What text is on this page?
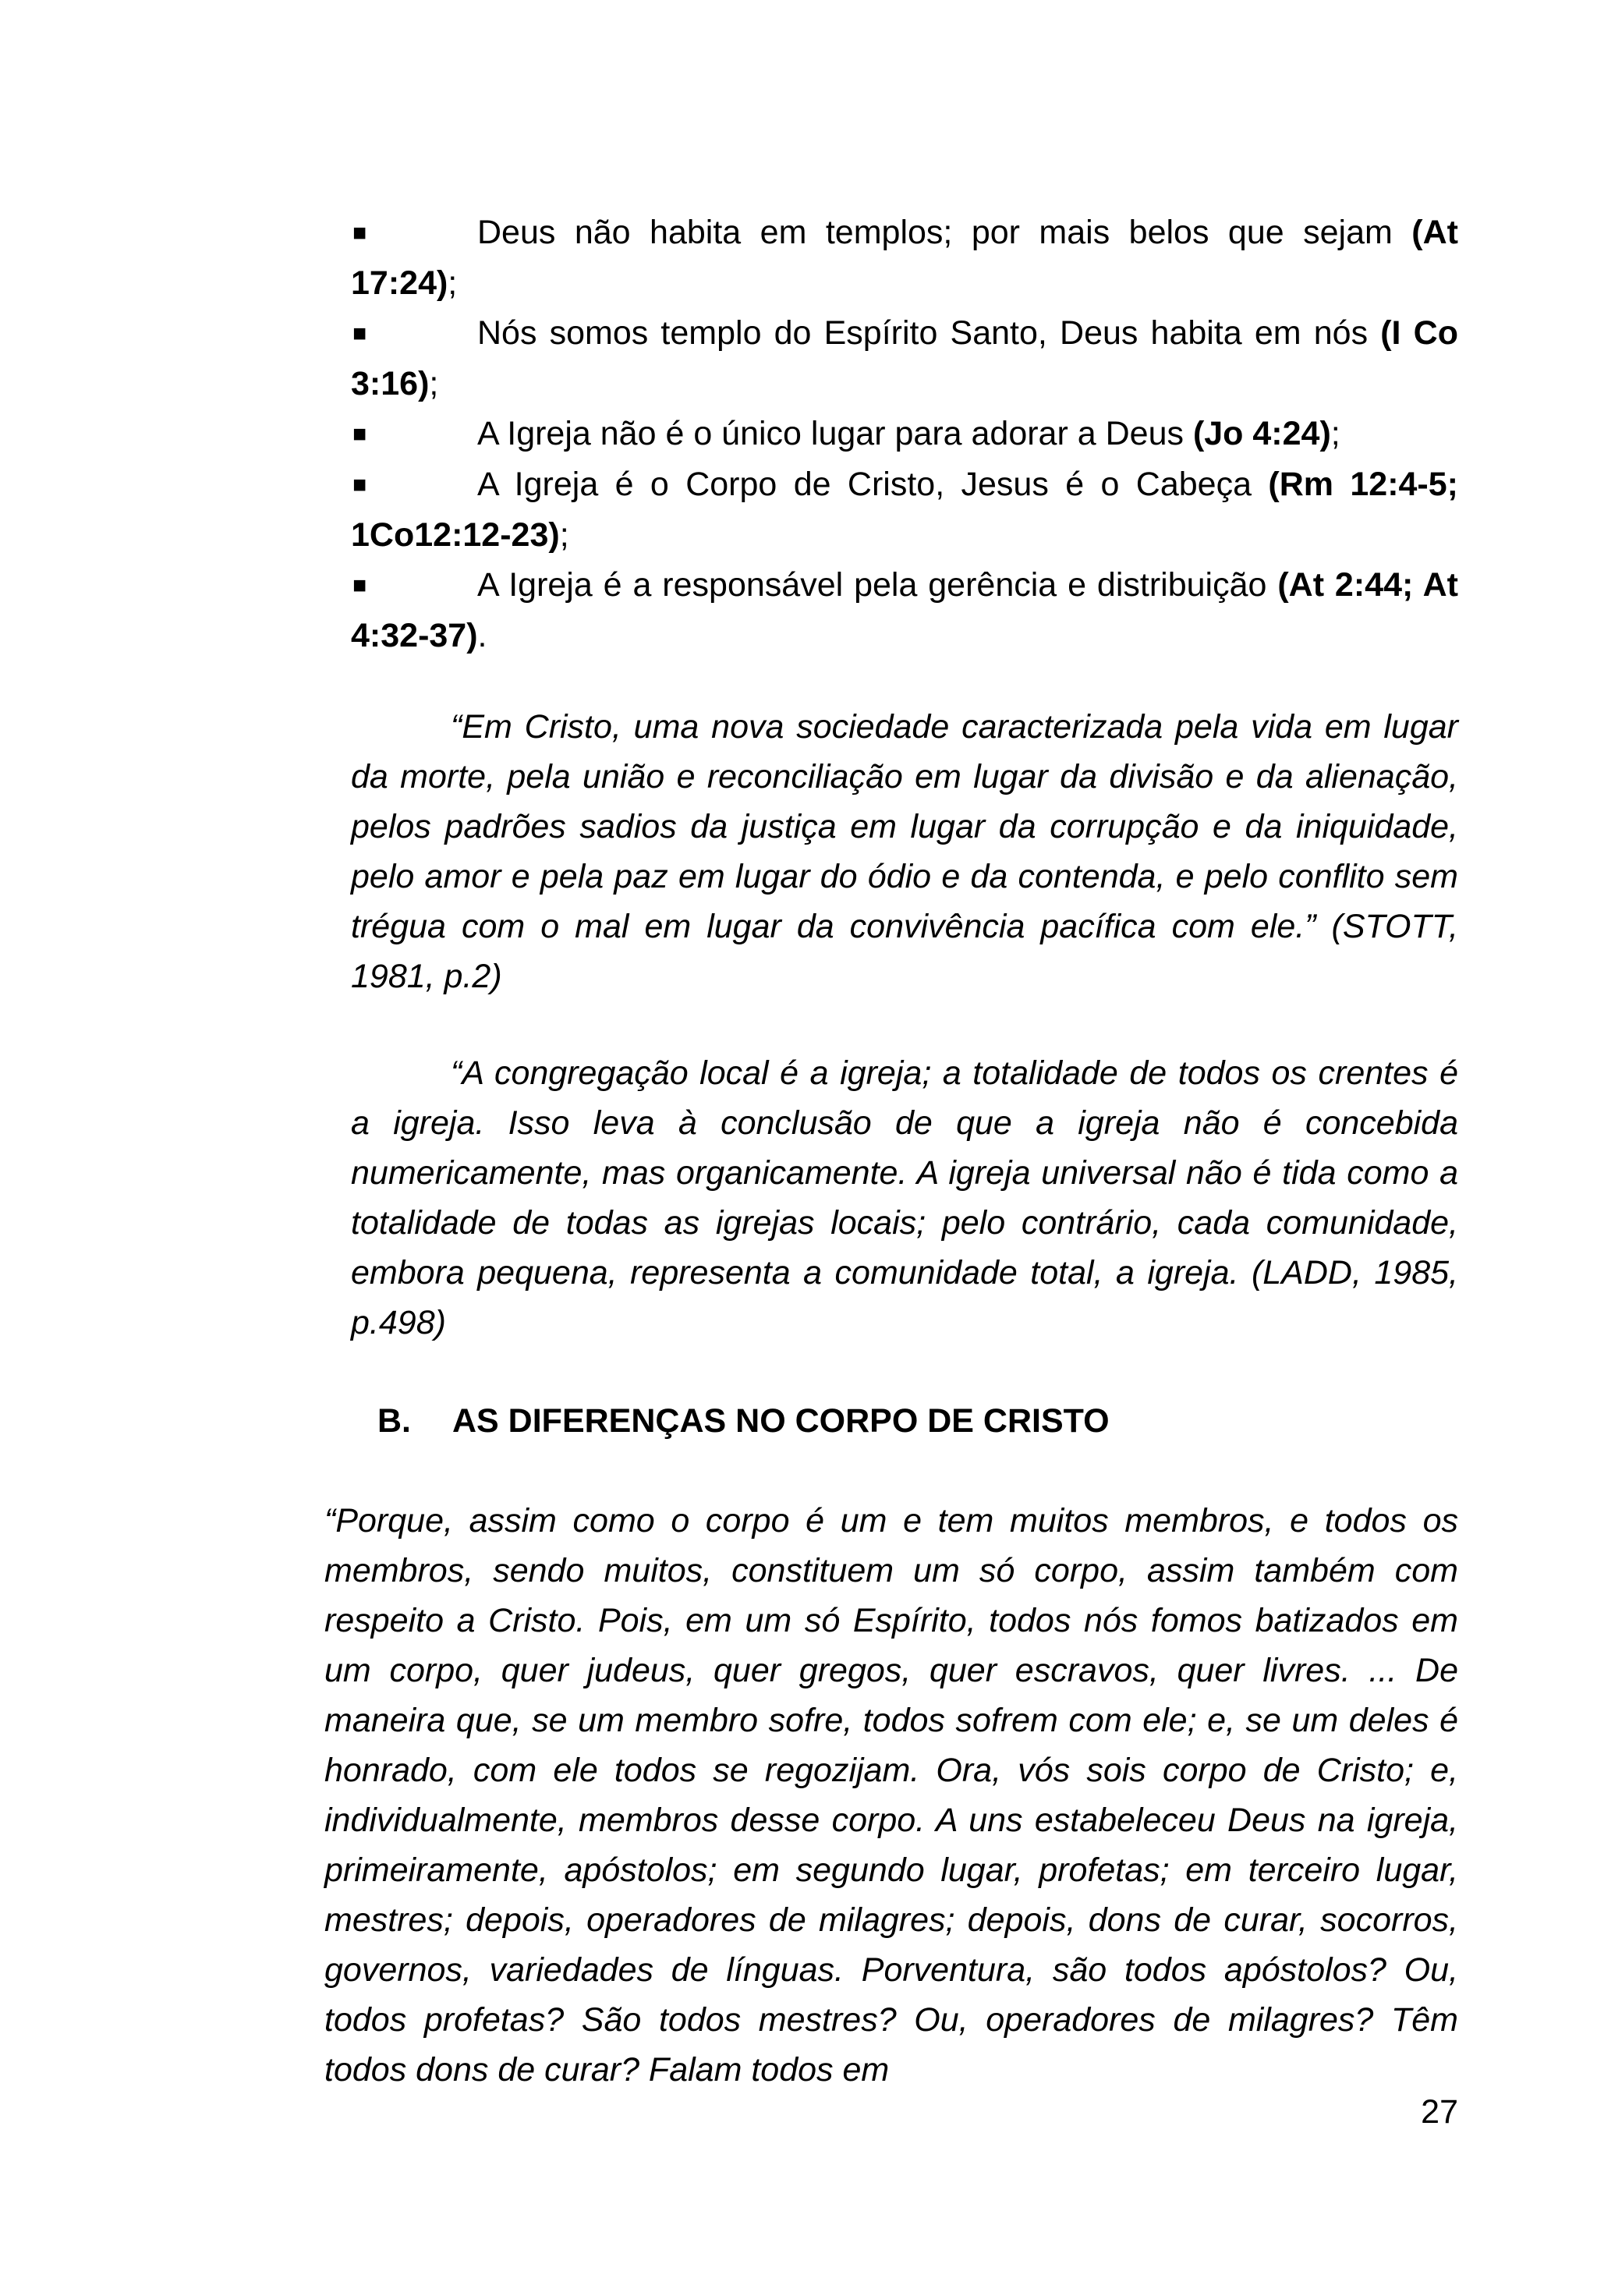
■	Deus não habita em templos; por mais belos que sejam (At 17:24);
■	Nós somos templo do Espírito Santo, Deus habita em nós (I Co 3:16);
■	A Igreja não é o único lugar para adorar a Deus (Jo 4:24);
■	A Igreja é o Corpo de Cristo, Jesus é o Cabeça (Rm 12:4-5; 1Co12:12-23);
■	A Igreja é a responsável pela gerência e distribuição (At 2:44; At 4:32-37).

“Em Cristo, uma nova sociedade caracterizada pela vida em lugar da morte, pela união e reconciliação em lugar da divisão e da alienação, pelos padrões sadios da justiça em lugar da corrupção e da iniquidade, pelo amor e pela paz em lugar do ódio e da contenda, e pelo conflito sem trégua com o mal em lugar da convivência pacífica com ele.” (STOTT, 1981, p.2)

“A congregação local é a igreja; a totalidade de todos os crentes é a igreja. Isso leva à conclusão de que a igreja não é concebida numericamente, mas organicamente. A igreja universal não é tida como a totalidade de todas as igrejas locais; pelo contrário, cada comunidade, embora pequena, representa a comunidade total, a igreja. (LADD, 1985, p.498)

B. AS DIFERENÇAS NO CORPO DE CRISTO

“Porque, assim como o corpo é um e tem muitos membros, e todos os membros, sendo muitos, constituem um só corpo, assim também com respeito a Cristo. Pois, em um só Espírito, todos nós fomos batizados em um corpo, quer judeus, quer gregos, quer escravos, quer livres. ... De maneira que, se um membro sofre, todos sofrem com ele; e, se um deles é honrado, com ele todos se regozijam. Ora, vós sois corpo de Cristo; e, individualmente, membros desse corpo. A uns estabeleceu Deus na igreja, primeiramente, apóstolos; em segundo lugar, profetas; em terceiro lugar, mestres; depois, operadores de milagres; depois, dons de curar, socorros, governos, variedades de línguas. Porventura, são todos apóstolos? Ou, todos profetas? São todos mestres? Ou, operadores de milagres? Têm todos dons de curar? Falam todos em

27
